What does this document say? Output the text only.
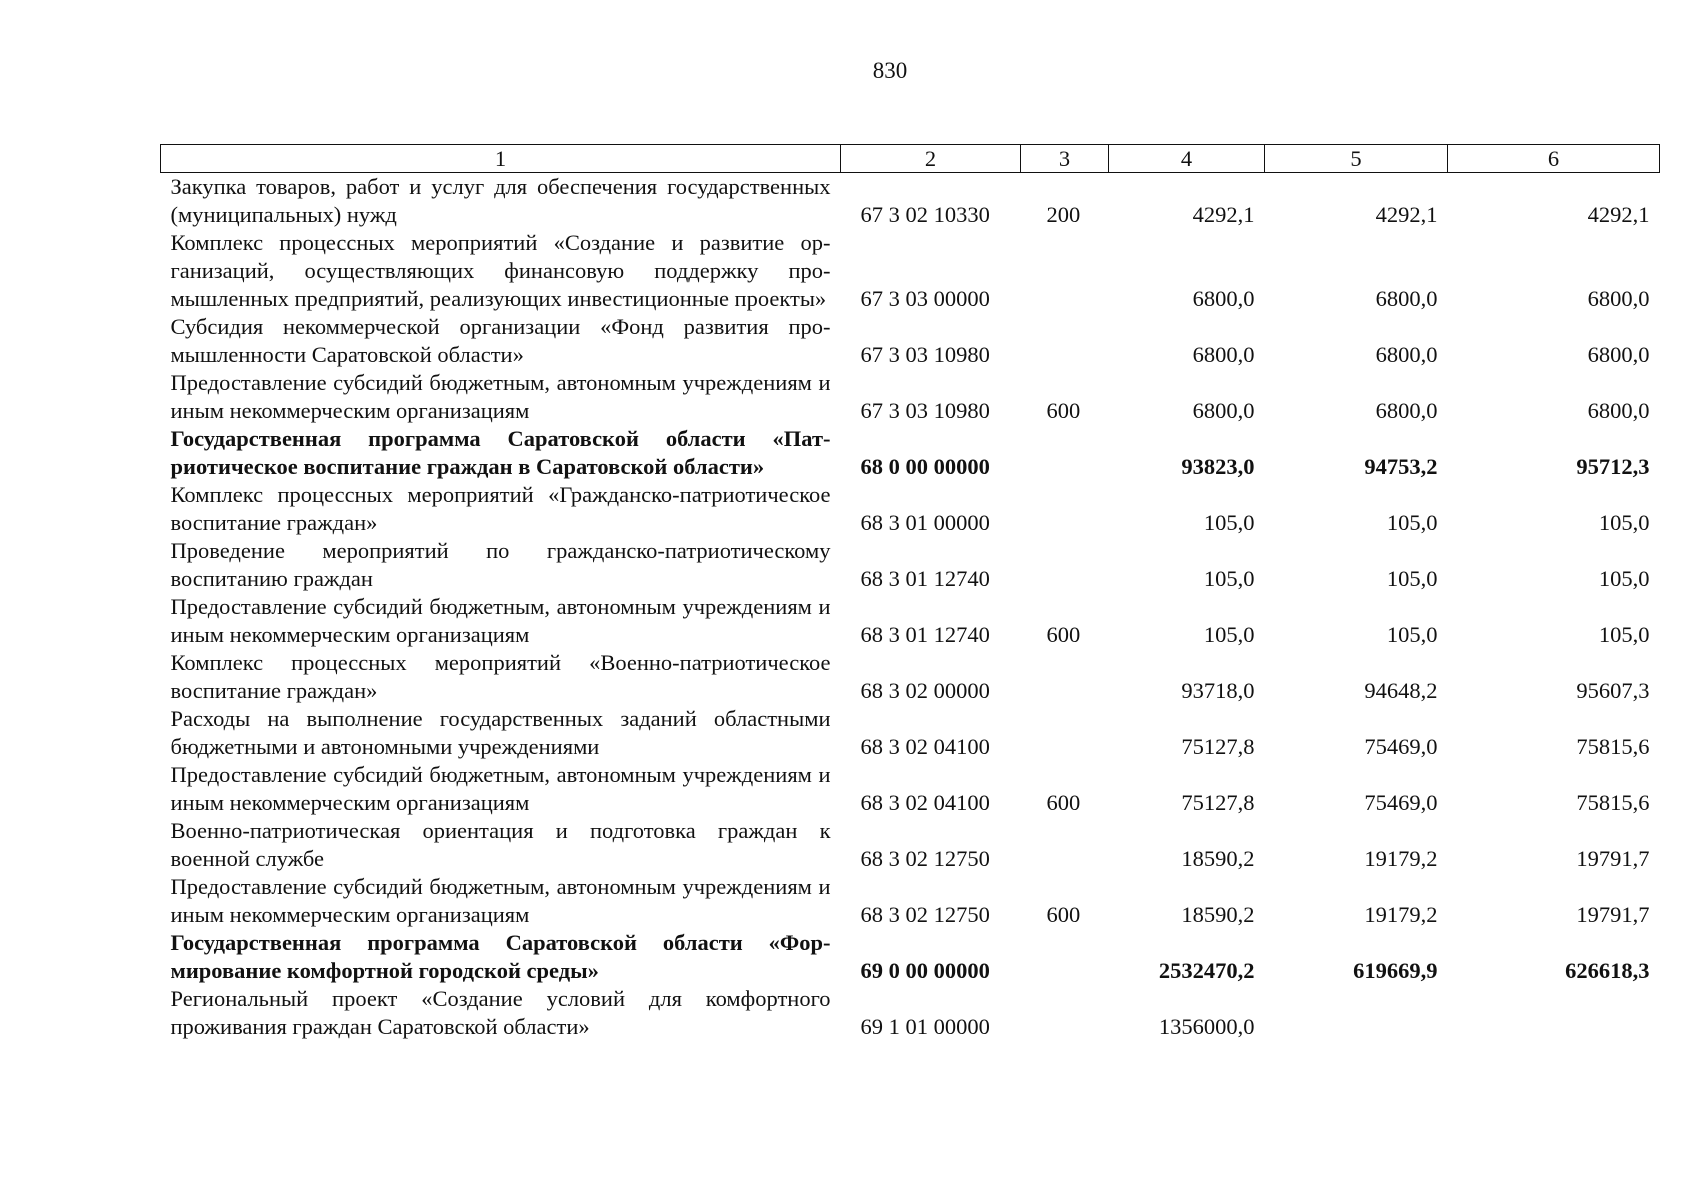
830
1	2	3	4	5	6
Закупка товаров, работ и услуг для обеспечения государственных (муниципальных) нужд	67 3 02 10330	200	4292,1	4292,1	4292,1
Комплекс процессных мероприятий «Создание и развитие организаций, осуществляющих финансовую поддержку промышленных предприятий, реализующих инвестиционные проекты»	67 3 03 00000		6800,0	6800,0	6800,0
Субсидия некоммерческой организации «Фонд развития промышленности Саратовской области»	67 3 03 10980		6800,0	6800,0	6800,0
Предоставление субсидий бюджетным, автономным учреждениям и иным некоммерческим организациям	67 3 03 10980	600	6800,0	6800,0	6800,0
Государственная программа Саратовской области «Патриотическое воспитание граждан в Саратовской области»	68 0 00 00000		93823,0	94753,2	95712,3
Комплекс процессных мероприятий «Гражданско-патриотическое воспитание граждан»	68 3 01 00000		105,0	105,0	105,0
Проведение мероприятий по гражданско-патриотическому воспитанию граждан	68 3 01 12740		105,0	105,0	105,0
Предоставление субсидий бюджетным, автономным учреждениям и иным некоммерческим организациям	68 3 01 12740	600	105,0	105,0	105,0
Комплекс процессных мероприятий «Военно-патриотическое воспитание граждан»	68 3 02 00000		93718,0	94648,2	95607,3
Расходы на выполнение государственных заданий областными бюджетными и автономными учреждениями	68 3 02 04100		75127,8	75469,0	75815,6
Предоставление субсидий бюджетным, автономным учреждениям и иным некоммерческим организациям	68 3 02 04100	600	75127,8	75469,0	75815,6
Военно-патриотическая ориентация и подготовка граждан к военной службе	68 3 02 12750		18590,2	19179,2	19791,7
Предоставление субсидий бюджетным, автономным учреждениям и иным некоммерческим организациям	68 3 02 12750	600	18590,2	19179,2	19791,7
Государственная программа Саратовской области «Формирование комфортной городской среды»	69 0 00 00000		2532470,2	619669,9	626618,3
Региональный проект «Создание условий для комфортного проживания граждан Саратовской области»	69 1 01 00000		1356000,0		
